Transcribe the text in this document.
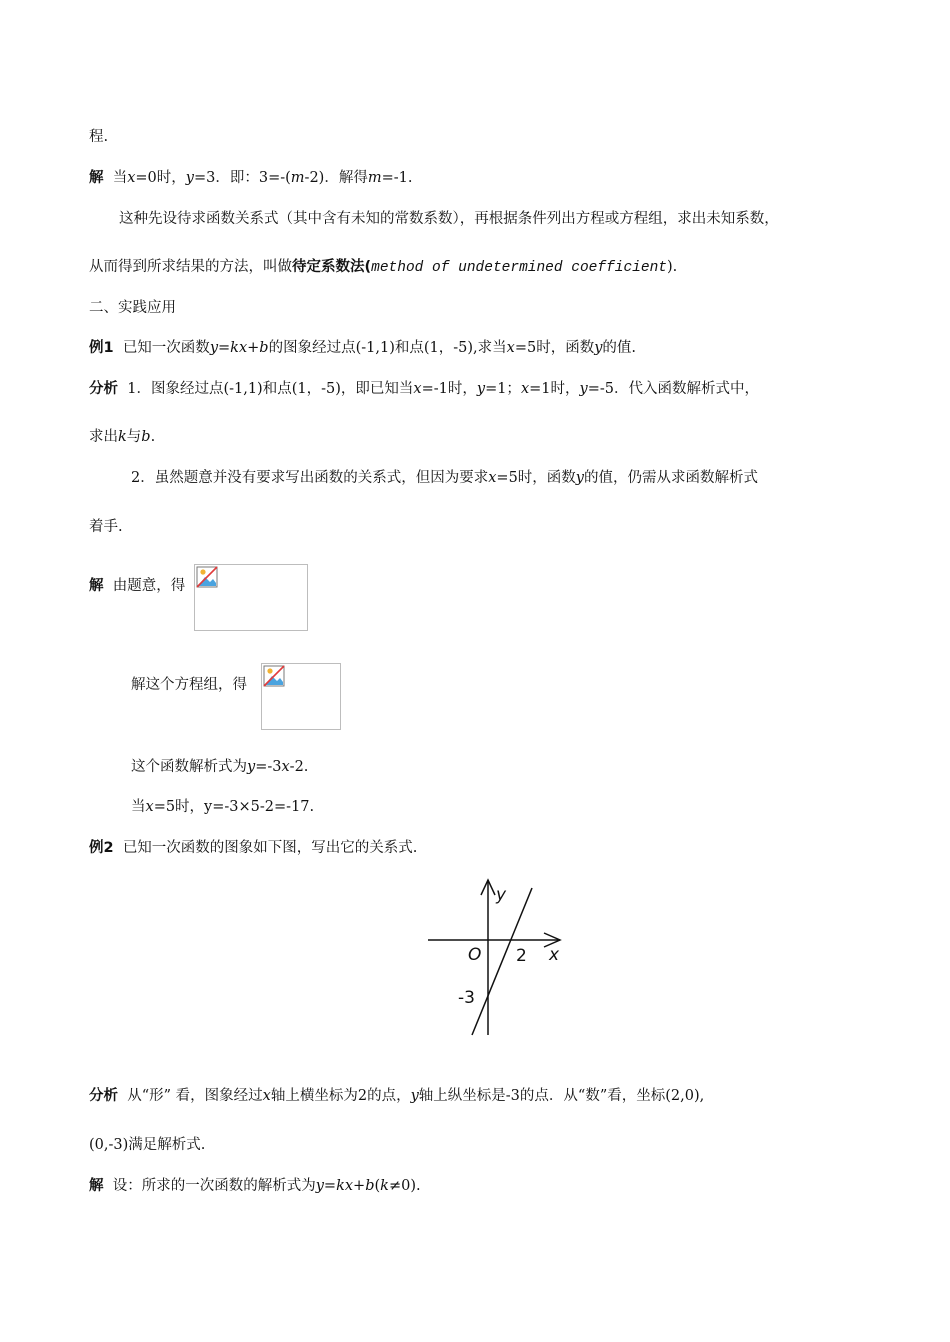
程.
解 当x=0时，y=3．即：3=-(m-2)．解得m=-1.
这种先设待求函数关系式（其中含有未知的常数系数），再根据条件列出方程或方程组，求出未知系数，
从而得到所求结果的方法，叫做待定系数法(method of undetermined coefficient).
二、实践应用
例1 已知一次函数y=kx+b的图象经过点(-1,1)和点(1，-5),求当x=5时，函数y的值.
分析 1．图象经过点(-1,1)和点(1，-5)，即已知当x=-1时，y=1；x=1时，y=-5．代入函数解析式中，
求出k与b.
2．虽然题意并没有要求写出函数的关系式，但因为要求x=5时，函数y的值，仍需从求函数解析式
着手.
解 由题意，得
解这个方程组，得
这个函数解析式为y=-3x-2.
当x=5时，y=-3×5-2=-17.
例2 已知一次函数的图象如下图，写出它的关系式.
y
x
O 2
-3
分析 从“形” 看，图象经过x轴上横坐标为2的点，y轴上纵坐标是-3的点．从“数”看，坐标(2,0),
(0,-3)满足解析式.
解 设：所求的一次函数的解析式为y=kx+b(k≠0).
